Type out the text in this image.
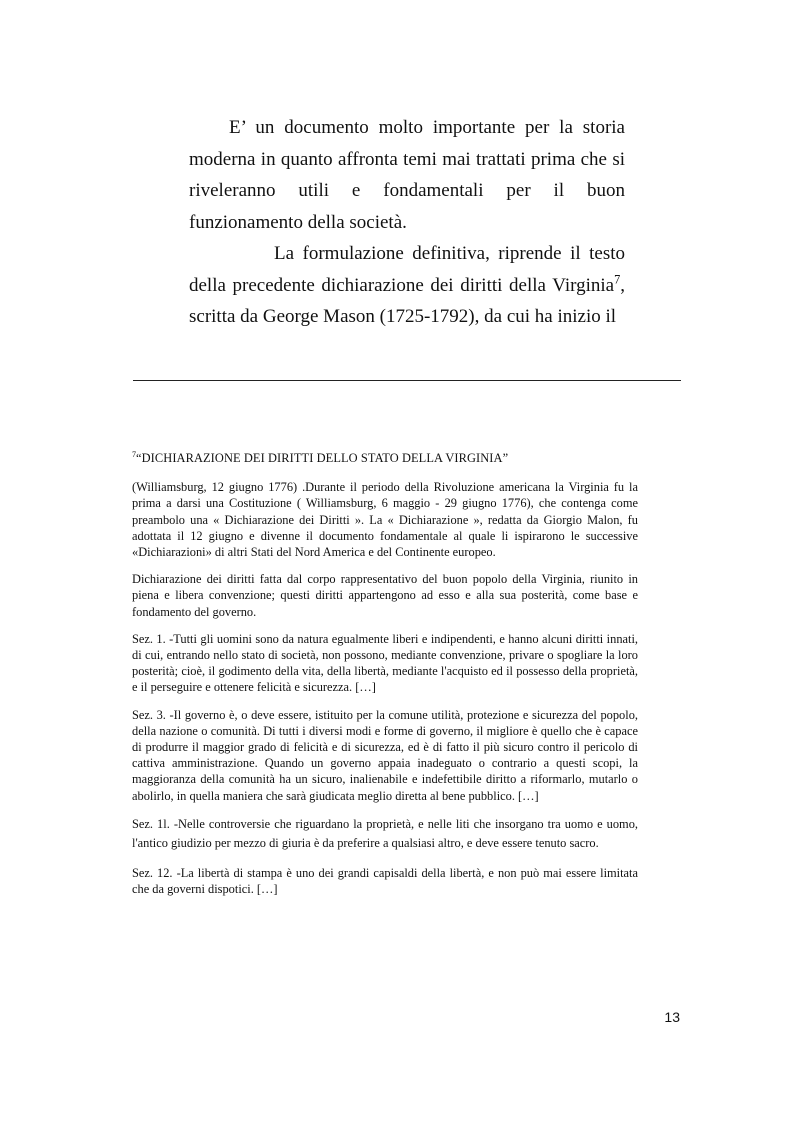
E’ un documento molto importante per la storia moderna in quanto affronta temi mai trattati prima che si riveleranno utili e fondamentali per il buon funzionamento della società.

La formulazione definitiva, riprende il testo della precedente dichiarazione dei diritti della Virginia$^7$, scritta da George Mason (1725-1792), da cui ha inizio il

$^7$“DICHIARAZIONE DEI DIRITTI DELLO STATO DELLA VIRGINIA”

(Williamsburg, 12 giugno 1776) .Durante il periodo della Rivoluzione americana la Virginia fu la prima a darsi una Costituzione ( Williamsburg, 6 maggio - 29 giugno 1776), che contenga come preambolo una « Dichiarazione dei Diritti ». La « Dichiarazione », redatta da Giorgio Malon, fu adottata il 12 giugno e divenne il documento fondamentale al quale li ispirarono le successive «Dichiarazioni» di altri Stati del Nord America e del Continente europeo.

Dichiarazione dei diritti fatta dal corpo rappresentativo del buon popolo della Virginia, riunito in piena e libera convenzione; questi diritti appartengono ad esso e alla sua posterità, come base e fondamento del governo.

Sez. 1. -Tutti gli uomini sono da natura egualmente liberi e indipendenti, e hanno alcuni diritti innati, di cui, entrando nello stato di società, non possono, mediante convenzione, privare o spogliare la loro posterità; cioè, il godimento della vita, della libertà, mediante l'acquisto ed il possesso della proprietà, e il perseguire e ottenere felicità e sicurezza. […]

Sez. 3. -Il governo è, o deve essere, istituito per la comune utilità, protezione e sicurezza del popolo, della nazione o comunità. Di tutti i diversi modi e forme di governo, il migliore è quello che è capace di produrre il maggior grado di felicità e di sicurezza, ed è di fatto il più sicuro contro il pericolo di cattiva amministrazione. Quando un governo appaia inadeguato o contrario a questi scopi, la maggioranza della comunità ha un sicuro, inalienabile e indefettibile diritto a riformarlo, mutarlo o abolirlo, in quella maniera che sarà giudicata meglio diretta al bene pubblico. […]

Sez. 1l. -Nelle controversie che riguardano la proprietà, e nelle liti che insorgano tra uomo e uomo, l'antico giudizio per mezzo di giuria è da preferire a qualsiasi altro, e deve essere tenuto sacro.

Sez. 12. -La libertà di stampa è uno dei grandi capisaldi della libertà, e non può mai essere limitata che da governi dispotici. […]

13
